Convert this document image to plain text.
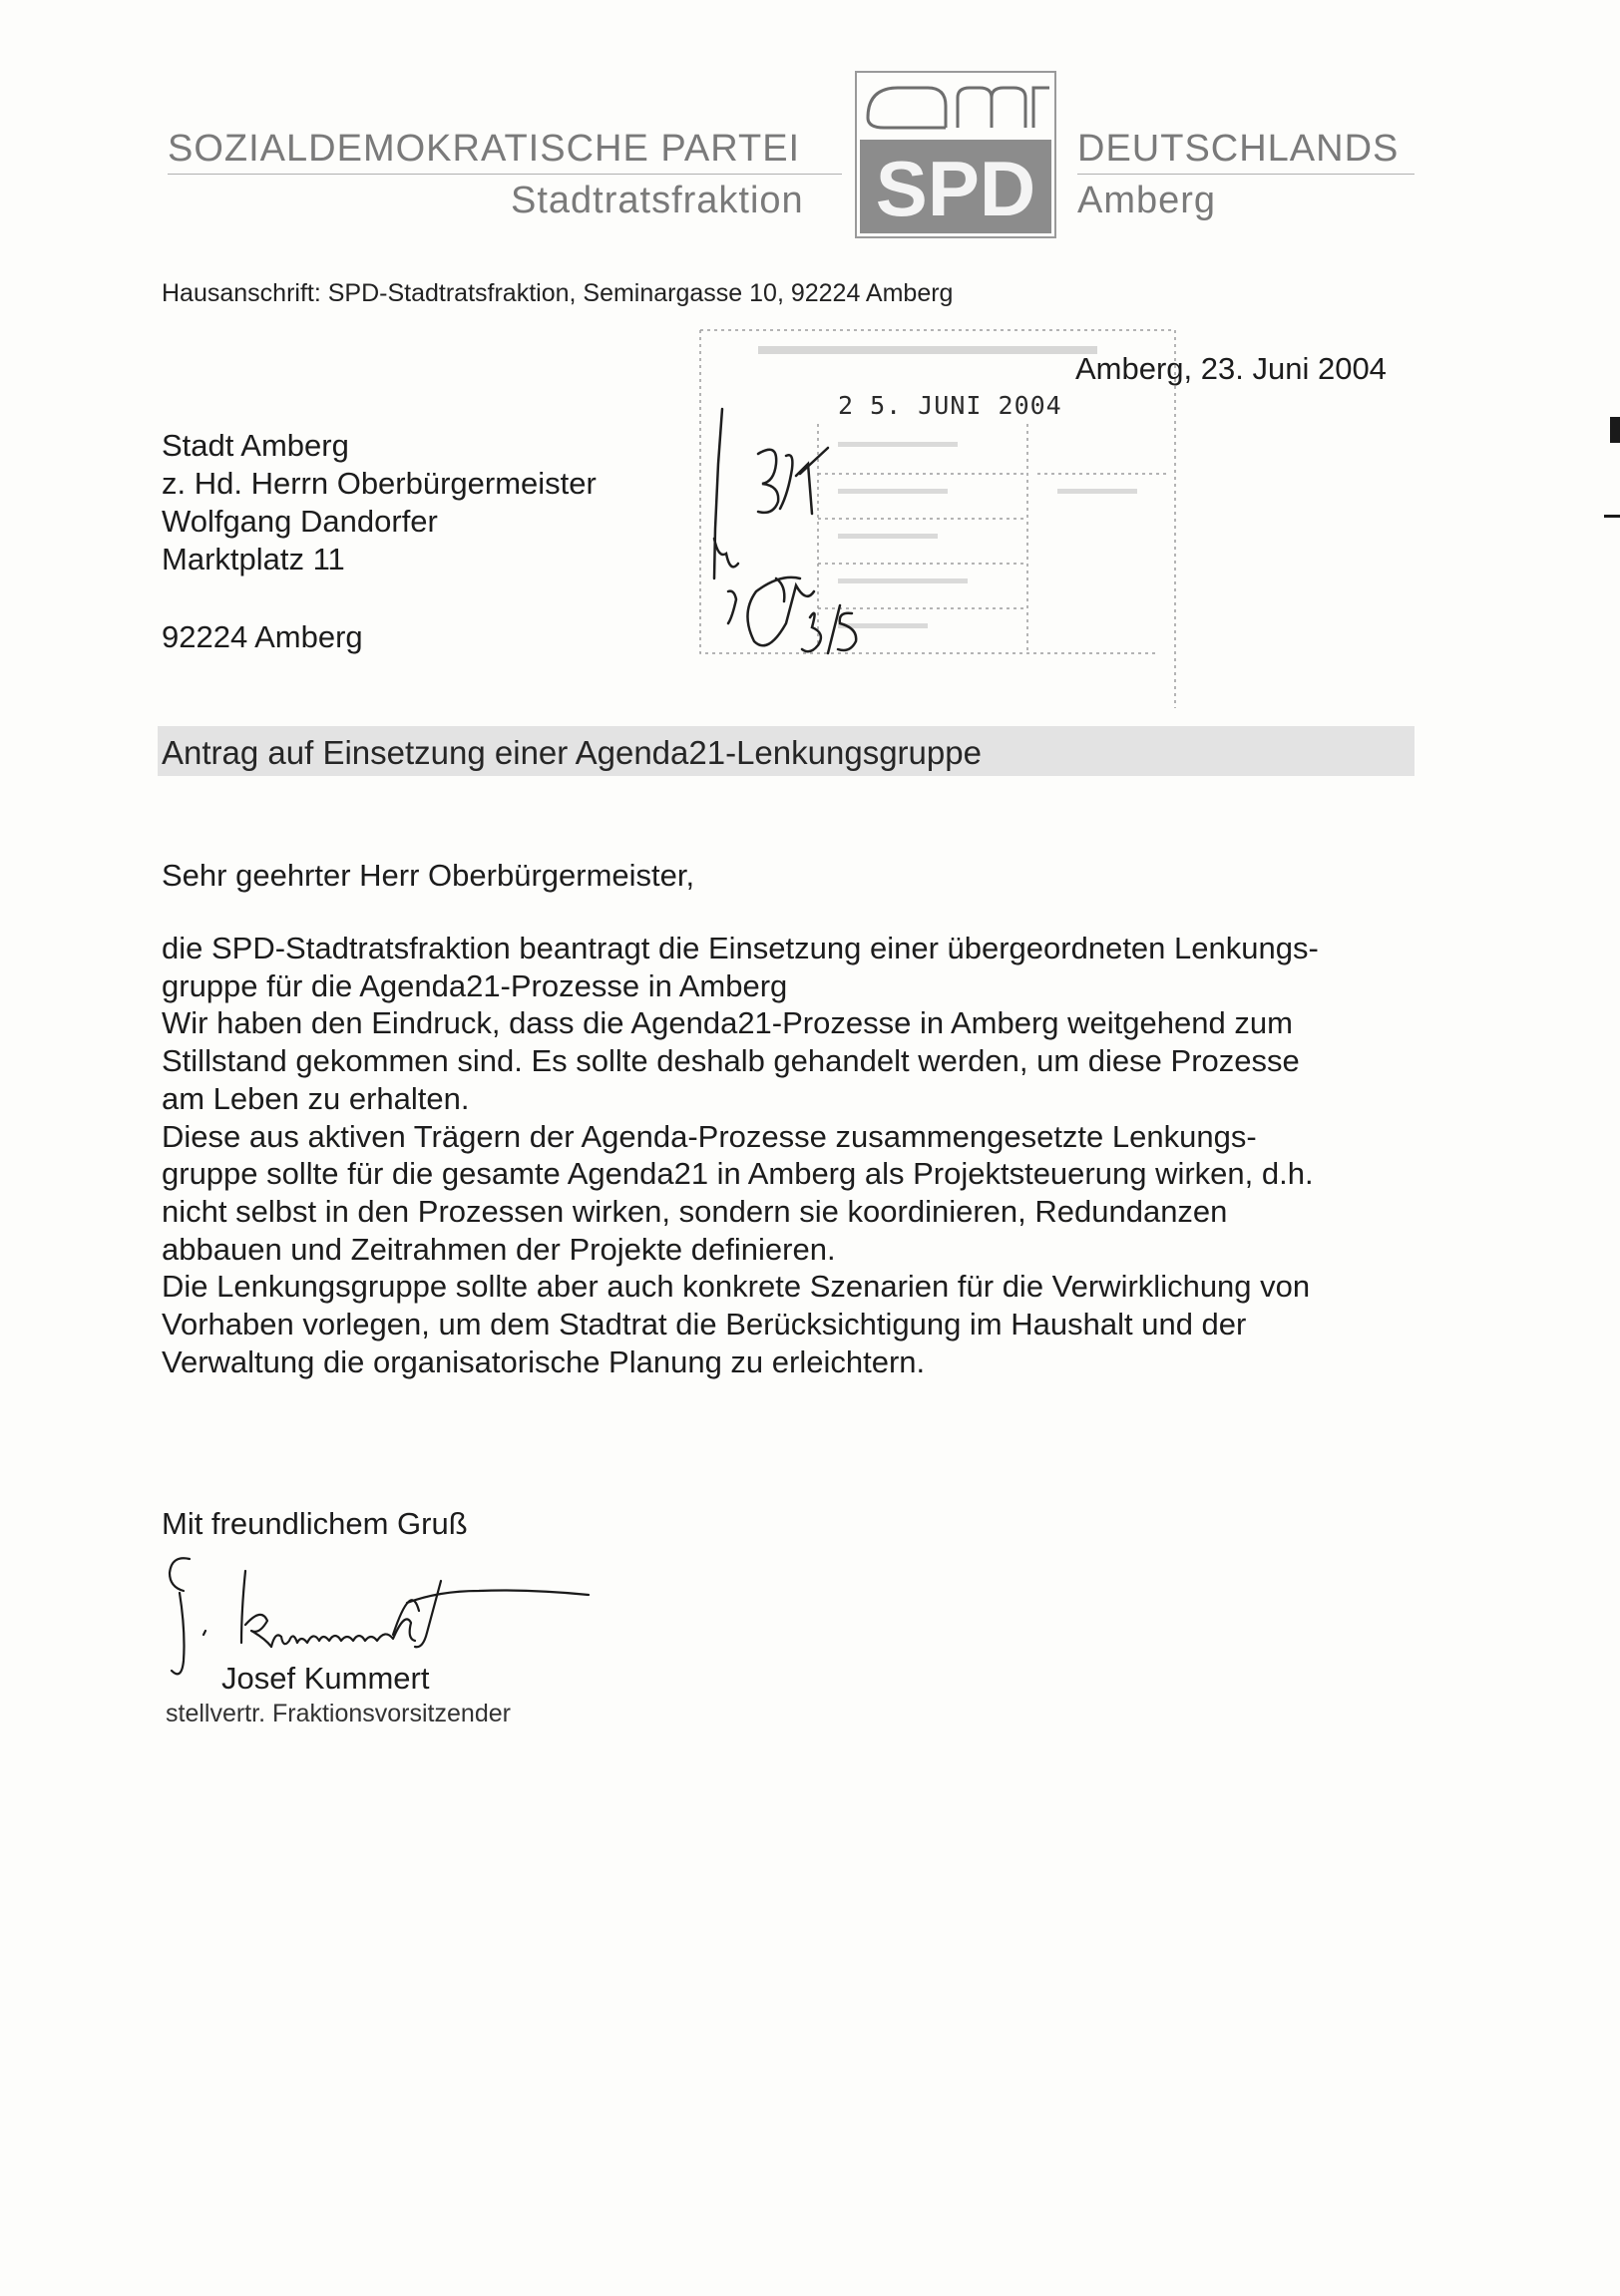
SOZIALDEMOKRATISCHE PARTEI
Stadtratsfraktion SPD DEUTSCHLANDS
Amberg
Hausanschrift: SPD-Stadtratsfraktion, Seminargasse 10, 92224 Amberg
2 5. JUNI 2004
Amberg, 23. Juni 2004
Stadt Amberg
z. Hd. Herrn Oberbürgermeister
Wolfgang Dandorfer
Marktplatz 11
92224 Amberg
Antrag auf Einsetzung einer Agenda21-Lenkungsgruppe
Sehr geehrter Herr Oberbürgermeister,

die SPD-Stadtratsfraktion beantragt die Einsetzung einer übergeordneten Lenkungs-

gruppe für die Agenda21-Prozesse in Amberg

Wir haben den Eindruck, dass die Agenda21-Prozesse in Amberg weitgehend zum

Stillstand gekommen sind. Es sollte deshalb gehandelt werden, um diese Prozesse

am Leben zu erhalten.

Diese aus aktiven Trägern der Agenda-Prozesse zusammengesetzte Lenkungs-

gruppe sollte für die gesamte Agenda21 in Amberg als Projektsteuerung wirken, d.h.

nicht selbst in den Prozessen wirken, sondern sie koordinieren, Redundanzen

abbauen und Zeitrahmen der Projekte definieren.

Die Lenkungsgruppe sollte aber auch konkrete Szenarien für die Verwirklichung von

Vorhaben vorlegen, um dem Stadtrat die Berücksichtigung im Haushalt und der

Verwaltung die organisatorische Planung zu erleichtern.

Mit freundlichem Gruß
Josef Kummert
stellvertr. Fraktionsvorsitzender
